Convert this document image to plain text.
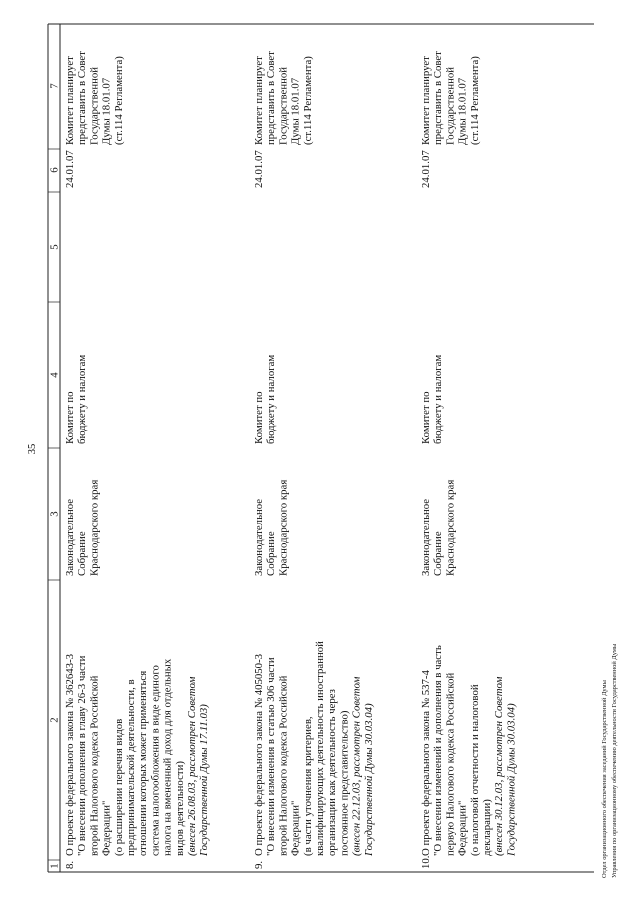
1
2
3
4
5
6
7
8.
О проекте федерального закона № 362643-3 "О внесении дополнения в главу 26-3 части второй Налогового кодекса Российской Федерации" (о расширении перечня видов предпринимательской деятельности, в отношении которых может применяться система налогообложения в виде единого налога на вмененный доход для отдельных видов деятельности) (внесен 26.08.03, рассмотрен Советом Государственной Думы 17.11.03)
Законодательное Собрание Краснодарского края
Комитет по бюджету и налогам
24.01.07
Комитет планирует представить в Совет Государственной Думы 18.01.07 (ст.114 Регламента)
9.
О проекте федерального закона № 405050-3 "О внесении изменения в статью 306 части второй Налогового кодекса Российской Федерации" (в части уточнения критериев, квалифицирующих деятельность иностранной организации как деятельность через постоянное представительство) (внесен 22.12.03, рассмотрен Советом Государственной Думы 30.03.04)
Законодательное Собрание Краснодарского края
Комитет по бюджету и налогам
24.01.07
Комитет планирует представить в Совет Государственной Думы 18.01.07 (ст.114 Регламента)
10.
О проекте федерального закона № 537-4 "О внесении изменений и дополнения в часть первую Налогового кодекса Российской Федерации" (о налоговой отчетности и налоговой декларации) (внесен 30.12.03, рассмотрен Советом Государственной Думы 30.03.04)
Законодательное Собрание Краснодарского края
Комитет по бюджету и налогам
24.01.07
Комитет планирует представить в Совет Государственной Думы 18.01.07 (ст.114 Регламента)
35
Отдел организационного обеспечения заседаний Государственной Думы Управления по организационному обеспечению деятельности Государственной Думы
